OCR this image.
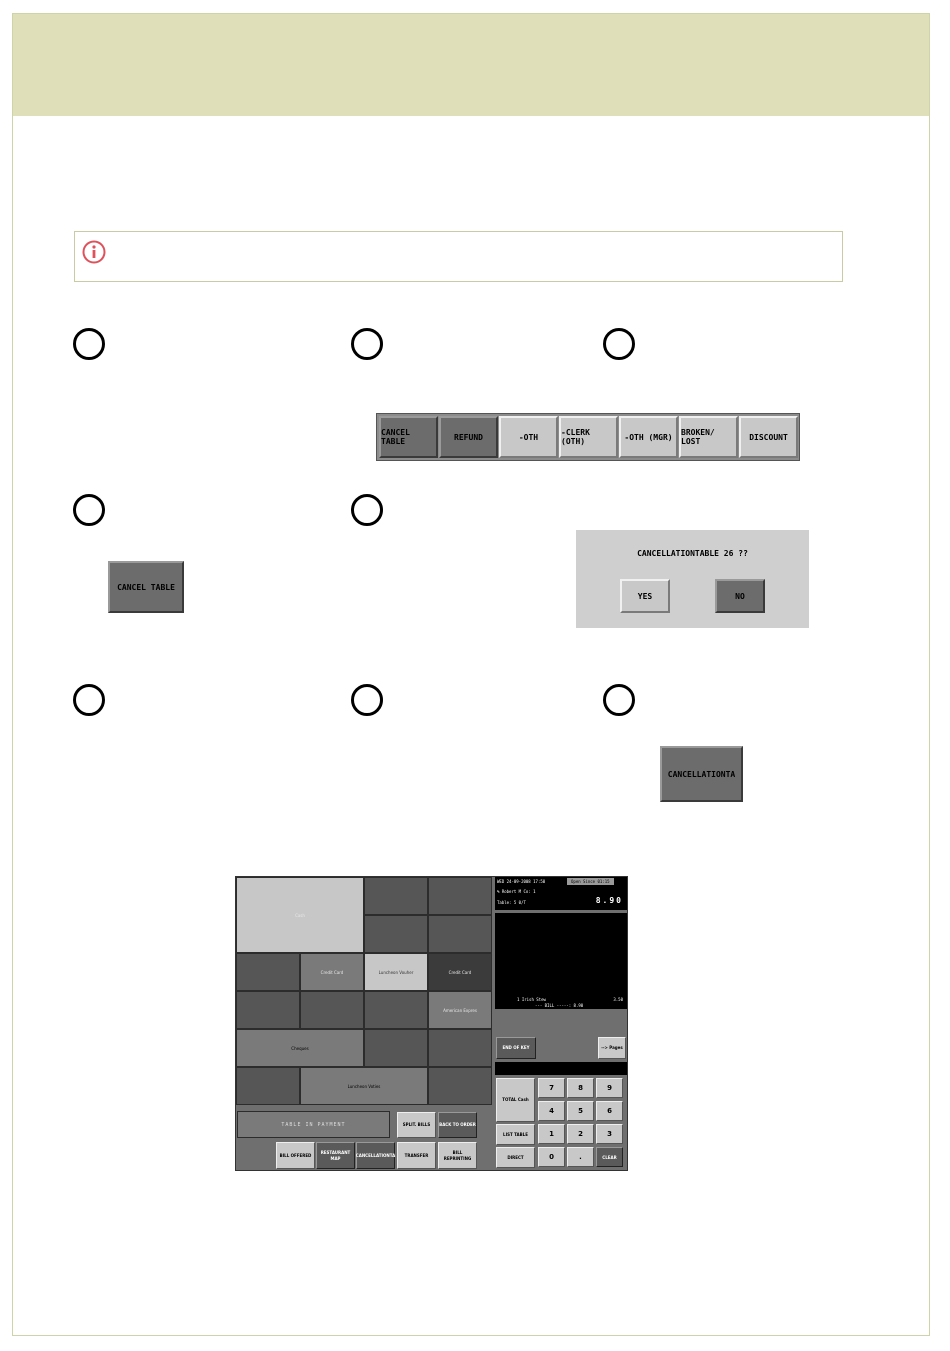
CANCEL TABLE	REFUND	-OTH	-CLERK (OTH)	-OTH (MGR)	BROKEN/ LOST	DISCOUNT
CANCEL TABLE
CANCELLATIONTABLE 26 ??
YES	NO
CANCELLATIONTA
Cash
Credit Card	Luncheon Vouher	Credit Card
American Expres
Cheques
Luncheon Voties
TABLE IN PAYMENT	SPLIT. BILLS	BACK TO ORDER
BILL OFFERED
RESTAURANT MAP
CANCELLATIONTA	TRANSFER
BILL REPRINTING
WED 24-09-2008 17:50	Open Since 01:15
% Robert M Co: 1
Table: 5 0/T	8.90
1 Irish Stew	3.50
--- BILL -----: 8.90
END OF KEY	--> Pages
TOTAL Cash
LIST TABLE
DIRECT
7	8	9
4	5	6
1	2	3
0	.	CLEAR
